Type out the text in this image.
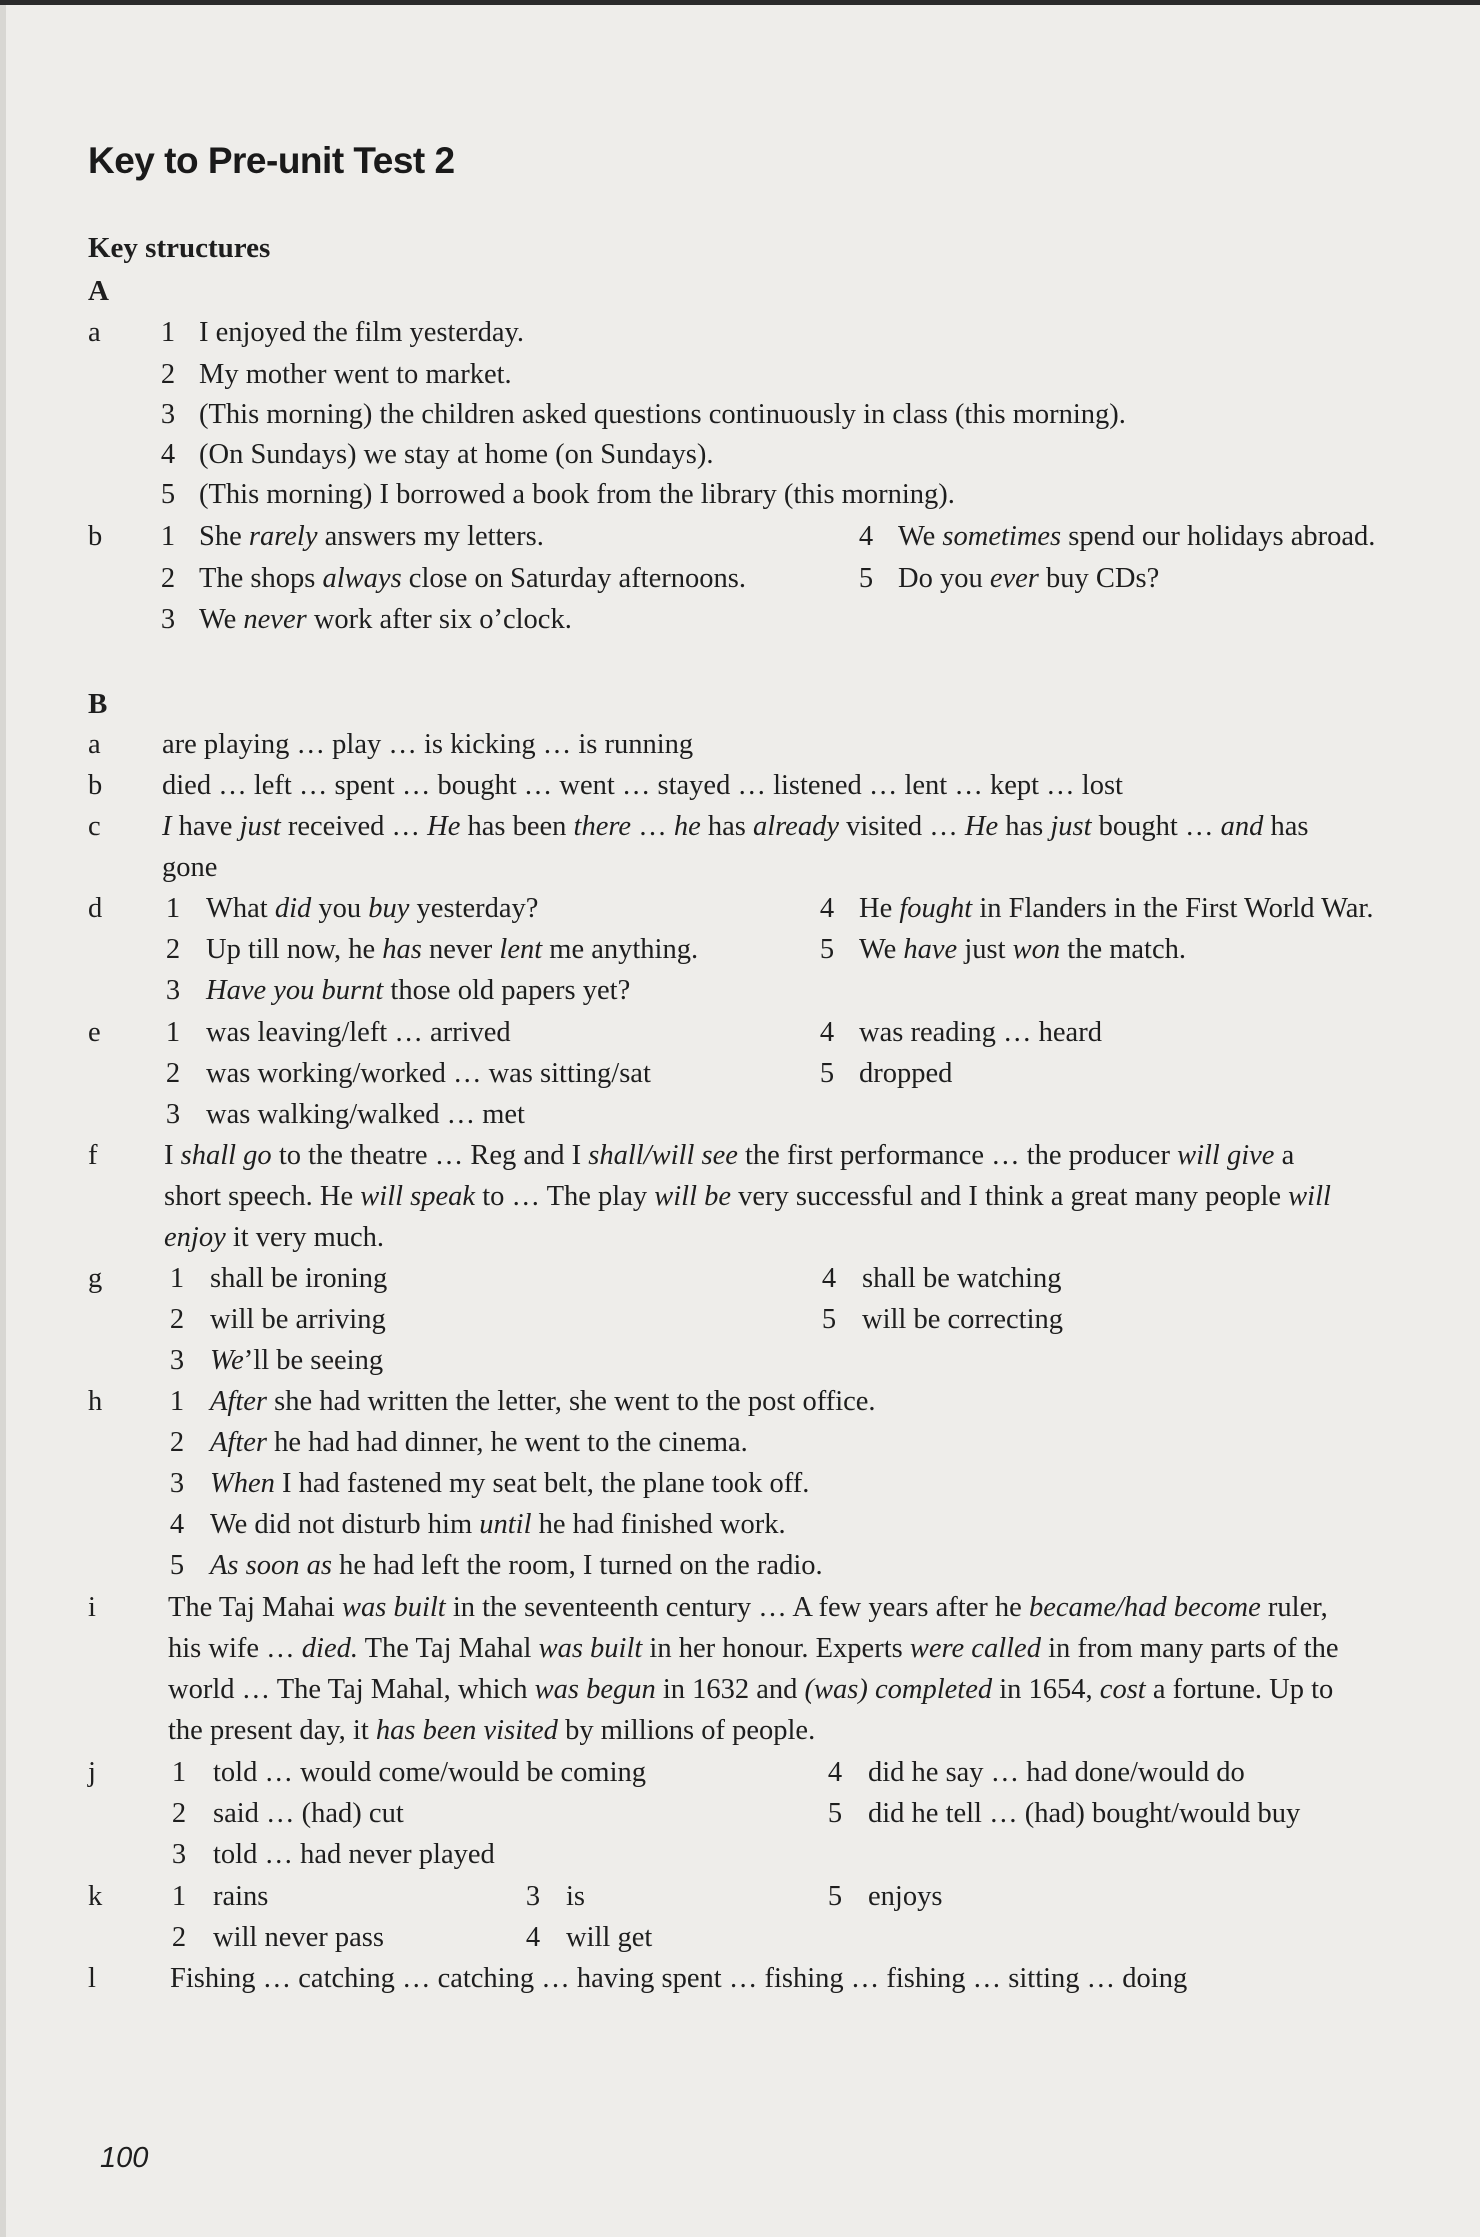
Key to Pre-unit Test 2
Key structures
A
a 1 I enjoyed the film yesterday.
2 My mother went to market.
3 (This morning) the children asked questions continuously in class (this morning).
4 (On Sundays) we stay at home (on Sundays).
5 (This morning) I borrowed a book from the library (this morning).
b 1 She rarely answers my letters.	4 We sometimes spend our holidays abroad.
2 The shops always close on Saturday afternoons.	5 Do you ever buy CDs?
3 We never work after six o’clock.
B
a are playing … play … is kicking … is running
b died … left … spent … bought … went … stayed … listened … lent … kept … lost
c I have just received … He has been there … he has already visited … He has just bought … and has
gone
d 1 What did you buy yesterday?	4 He fought in Flanders in the First World War.
2 Up till now, he has never lent me anything.	5 We have just won the match.
3 Have you burnt those old papers yet?
e 1 was leaving/left … arrived	4 was reading … heard
2 was working/worked … was sitting/sat	5 dropped
3 was walking/walked … met
f I shall go to the theatre … Reg and I shall/will see the first performance … the producer will give a
short speech. He will speak to … The play will be very successful and I think a great many people will
enjoy it very much.
g 1 shall be ironing	4 shall be watching
2 will be arriving	5 will be correcting
3 We’ll be seeing
h 1 After she had written the letter, she went to the post office.
2 After he had had dinner, he went to the cinema.
3 When I had fastened my seat belt, the plane took off.
4 We did not disturb him until he had finished work.
5 As soon as he had left the room, I turned on the radio.
i	The Taj Mahai was built in the seventeenth century … A few years after he became/had become ruler,
his wife … died. The Taj Mahal was built in her honour. Experts were called in from many parts of the
world … The Taj Mahal, which was begun in 1632 and (was) completed in 1654, cost a fortune. Up to
the present day, it has been visited by millions of people.
j	1 told … would come/would be coming	4 did he say … had done/would do
2 said … (had) cut	5 did he tell … (had) bought/would buy
3 told … had never played
k 1 rains	3 is	5 enjoys
2 will never pass	4 will get
l	Fishing … catching … catching … having spent … fishing … fishing … sitting … doing
100
